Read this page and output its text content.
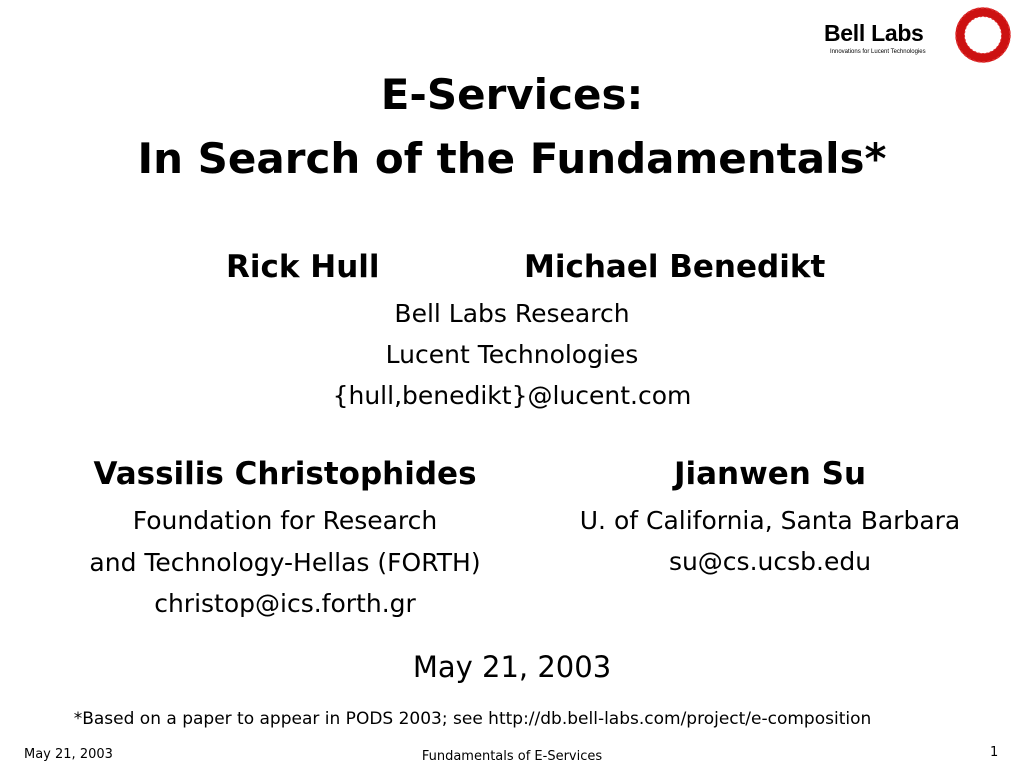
Bell Labs
Innovations for Lucent Technologies
E-Services:
In Search of the Fundamentals*
Rick Hull	Michael Benedikt
Bell Labs Research
Lucent Technologies
{hull,benedikt}@lucent.com
Vassilis Christophides
Foundation for Research
and Technology-Hellas (FORTH)
christop@ics.forth.gr
Jianwen Su
U. of California, Santa Barbara
su@cs.ucsb.edu
May 21, 2003
*Based on a paper to appear in PODS 2003; see http://db.bell-labs.com/project/e-composition
May 21, 2003	Fundamentals of E-Services	1
